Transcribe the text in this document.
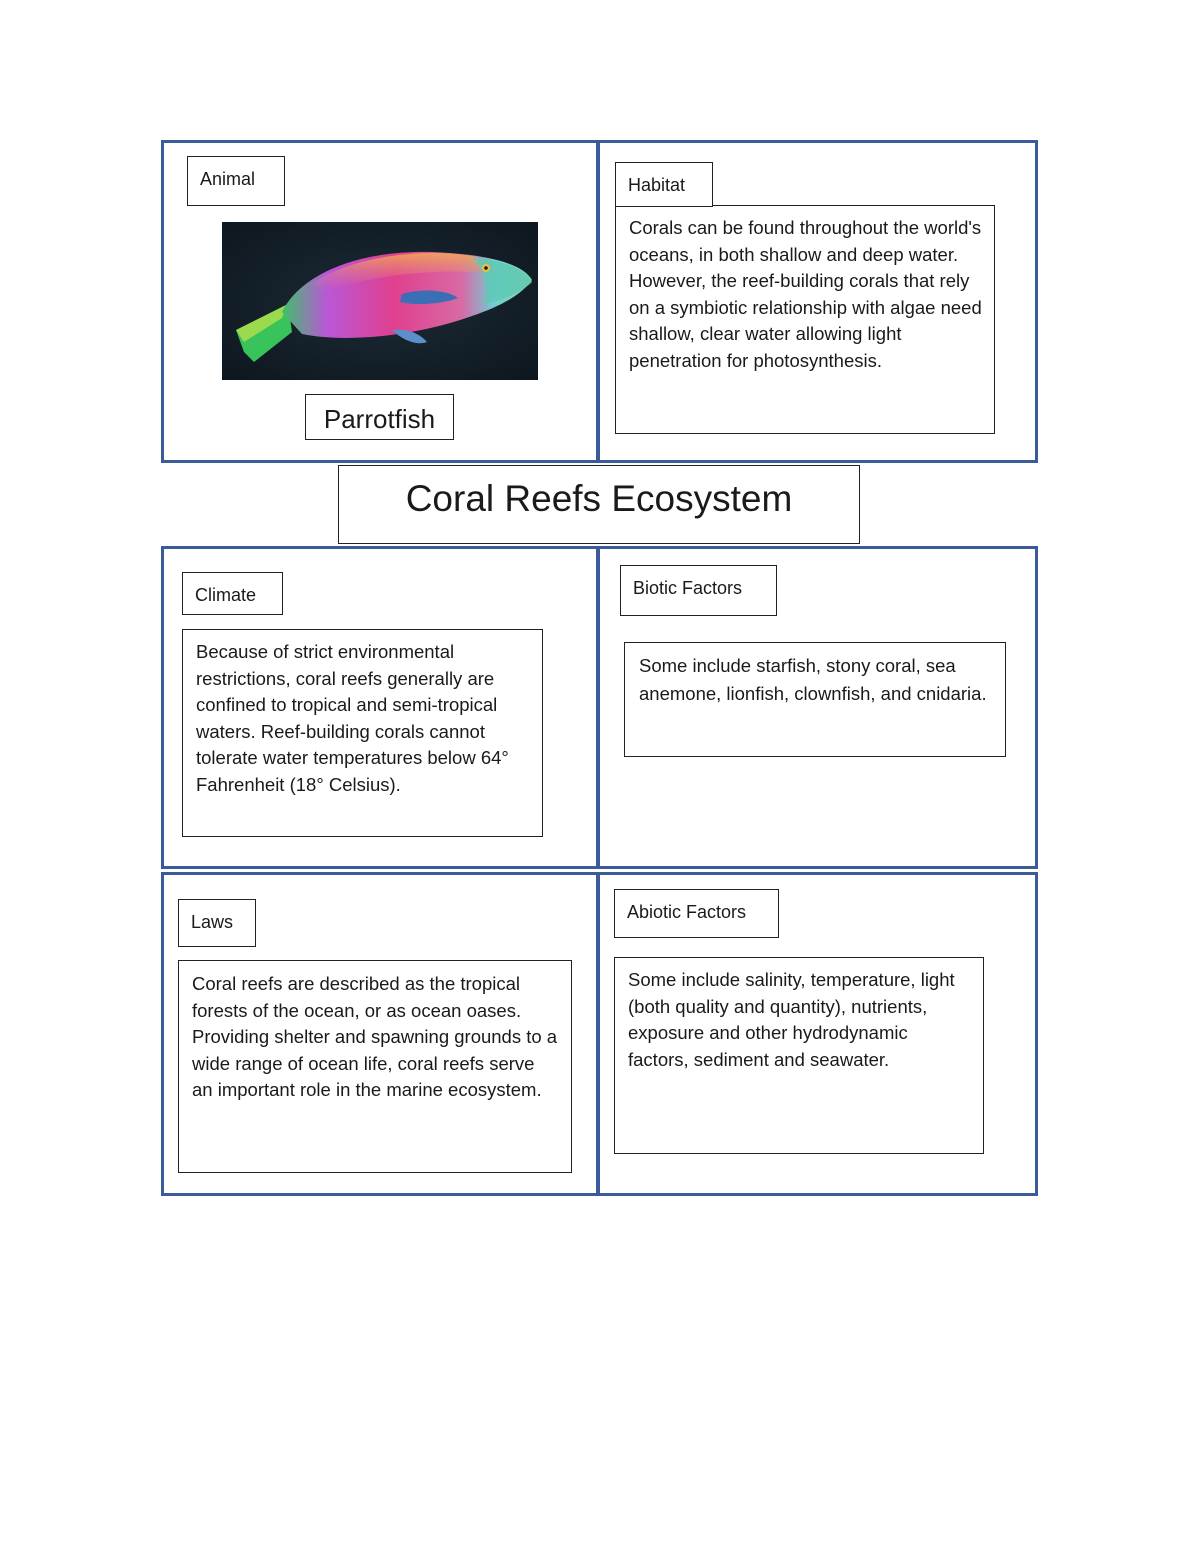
Animal
Parrotfish

Corals can be found throughout the world's oceans, in both shallow and deep water. However, the reef-building corals that rely on a symbiotic relationship with algae need shallow, clear water allowing light penetration for photosynthesis.

Habitat
Coral Reefs Ecosystem
Climate

Because of strict environmental restrictions, coral reefs generally are confined to tropical and semi-tropical waters. Reef-building corals cannot tolerate water temperatures below 64° Fahrenheit (18° Celsius).

Biotic Factors

Some include starfish, stony coral, sea anemone, lionfish, clownfish, and cnidaria.

Laws

Coral reefs are described as the tropical forests of the ocean, or as ocean oases. Providing shelter and spawning grounds to a wide range of ocean life, coral reefs serve an important role in the marine ecosystem.

Abiotic Factors

Some include salinity, temperature, light (both quality and quantity), nutrients, exposure and other hydrodynamic factors, sediment and seawater.
